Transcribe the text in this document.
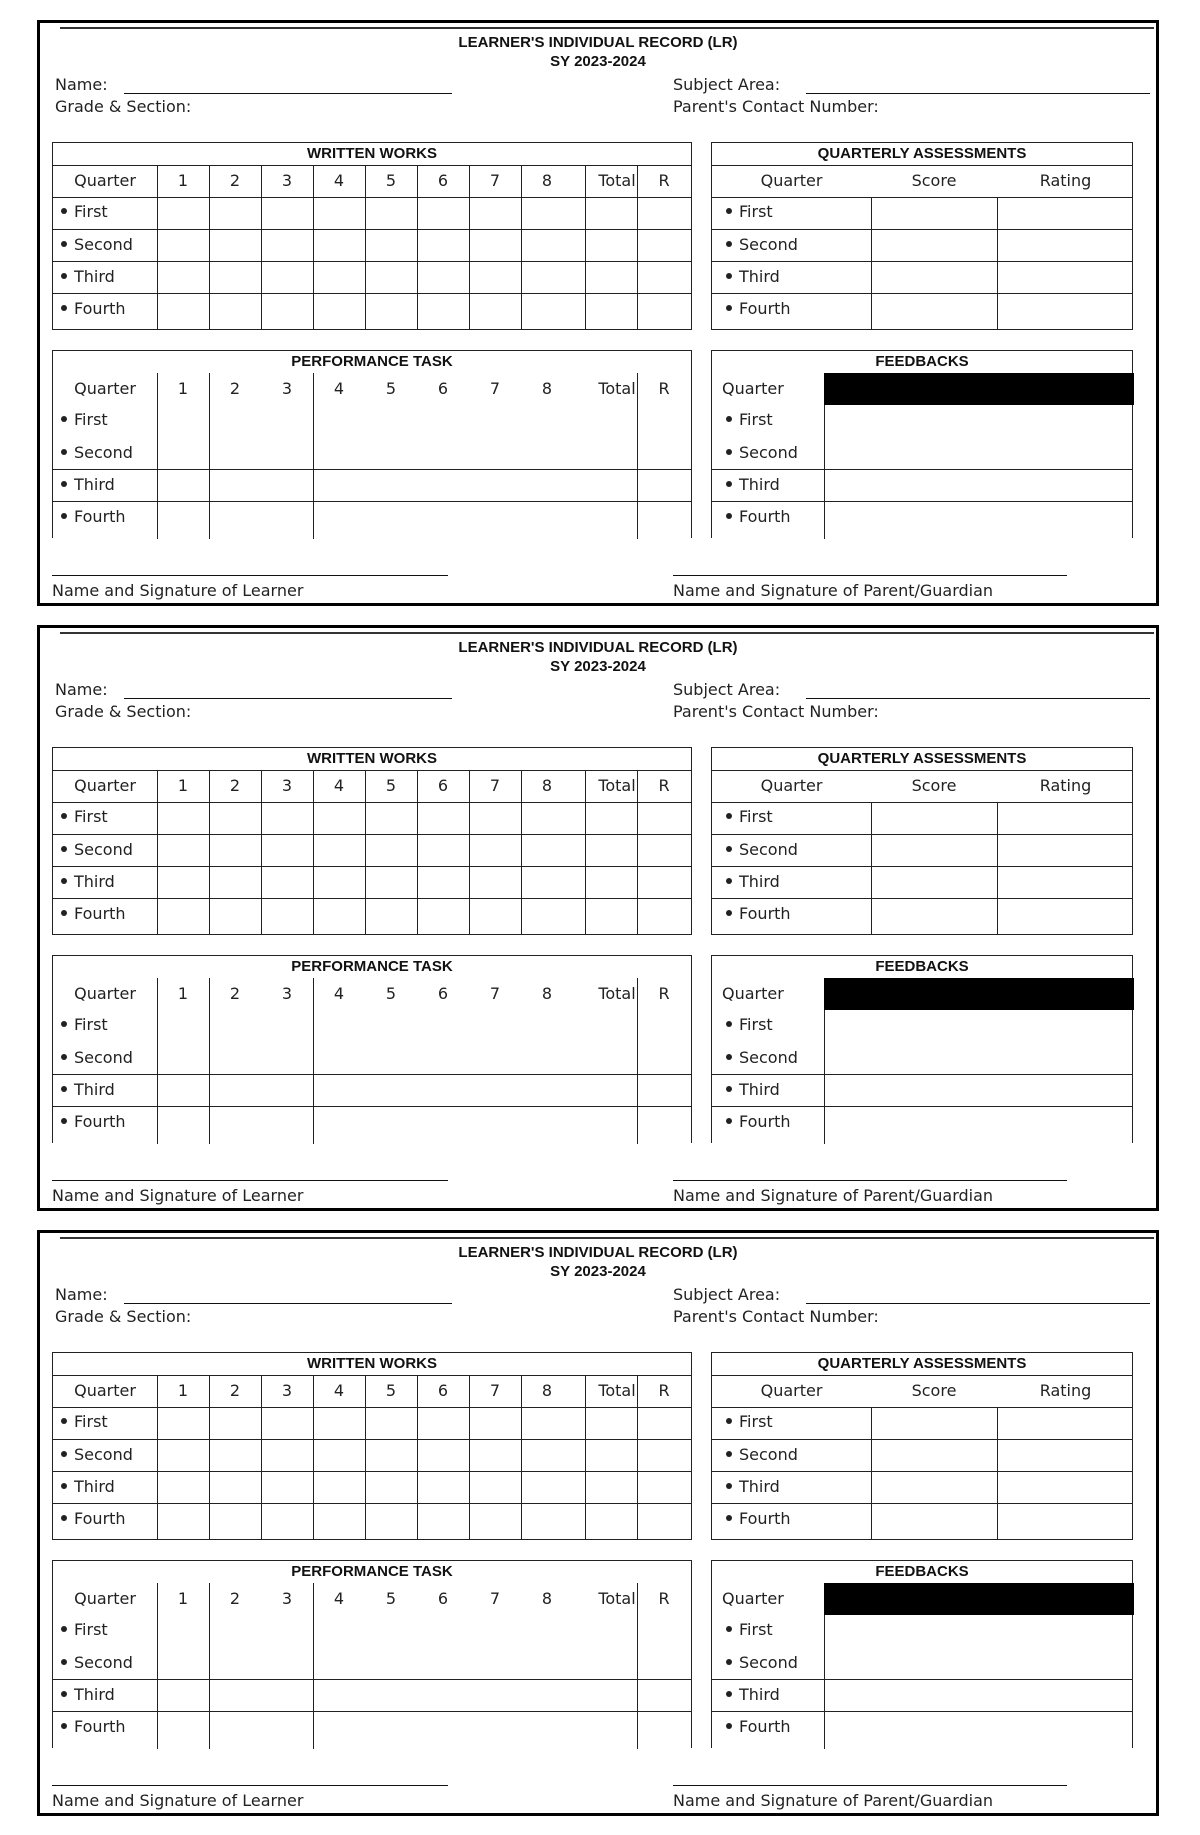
LEARNER'S INDIVIDUAL RECORD (LR)
SY 2023-2024
Name:
Grade & Section:
Subject Area:
Parent's Contact Number:
WRITTEN WORKS
Quarter	1	2	3	4	5	6	7	8	Total	R
First
Second
Third
Fourth
QUARTERLY ASSESSMENTS
Quarter	Score	Rating
First
Second
Third
Fourth
PERFORMANCE TASK
Quarter	1	2	3	4	5	6	7	8	Total	R
First
Second
Third
Fourth
FEEDBACKS
Quarter
First
Second
Third
Fourth
Name and Signature of Learner	Name and Signature of Parent/Guardian
LEARNER'S INDIVIDUAL RECORD (LR)
SY 2023-2024
Name:
Grade & Section:
Subject Area:
Parent's Contact Number:
WRITTEN WORKS
Quarter	1	2	3	4	5	6	7	8	Total	R
First
Second
Third
Fourth
QUARTERLY ASSESSMENTS
Quarter	Score	Rating
First
Second
Third
Fourth
PERFORMANCE TASK
Quarter	1	2	3	4	5	6	7	8	Total	R
First
Second
Third
Fourth
FEEDBACKS
Quarter
First
Second
Third
Fourth
Name and Signature of Learner	Name and Signature of Parent/Guardian
LEARNER'S INDIVIDUAL RECORD (LR)
SY 2023-2024
Name:
Grade & Section:
Subject Area:
Parent's Contact Number:
WRITTEN WORKS
Quarter	1	2	3	4	5	6	7	8	Total	R
First
Second
Third
Fourth
QUARTERLY ASSESSMENTS
Quarter	Score	Rating
First
Second
Third
Fourth
PERFORMANCE TASK
Quarter	1	2	3	4	5	6	7	8	Total	R
First
Second
Third
Fourth
FEEDBACKS
Quarter
First
Second
Third
Fourth
Name and Signature of Learner	Name and Signature of Parent/Guardian
